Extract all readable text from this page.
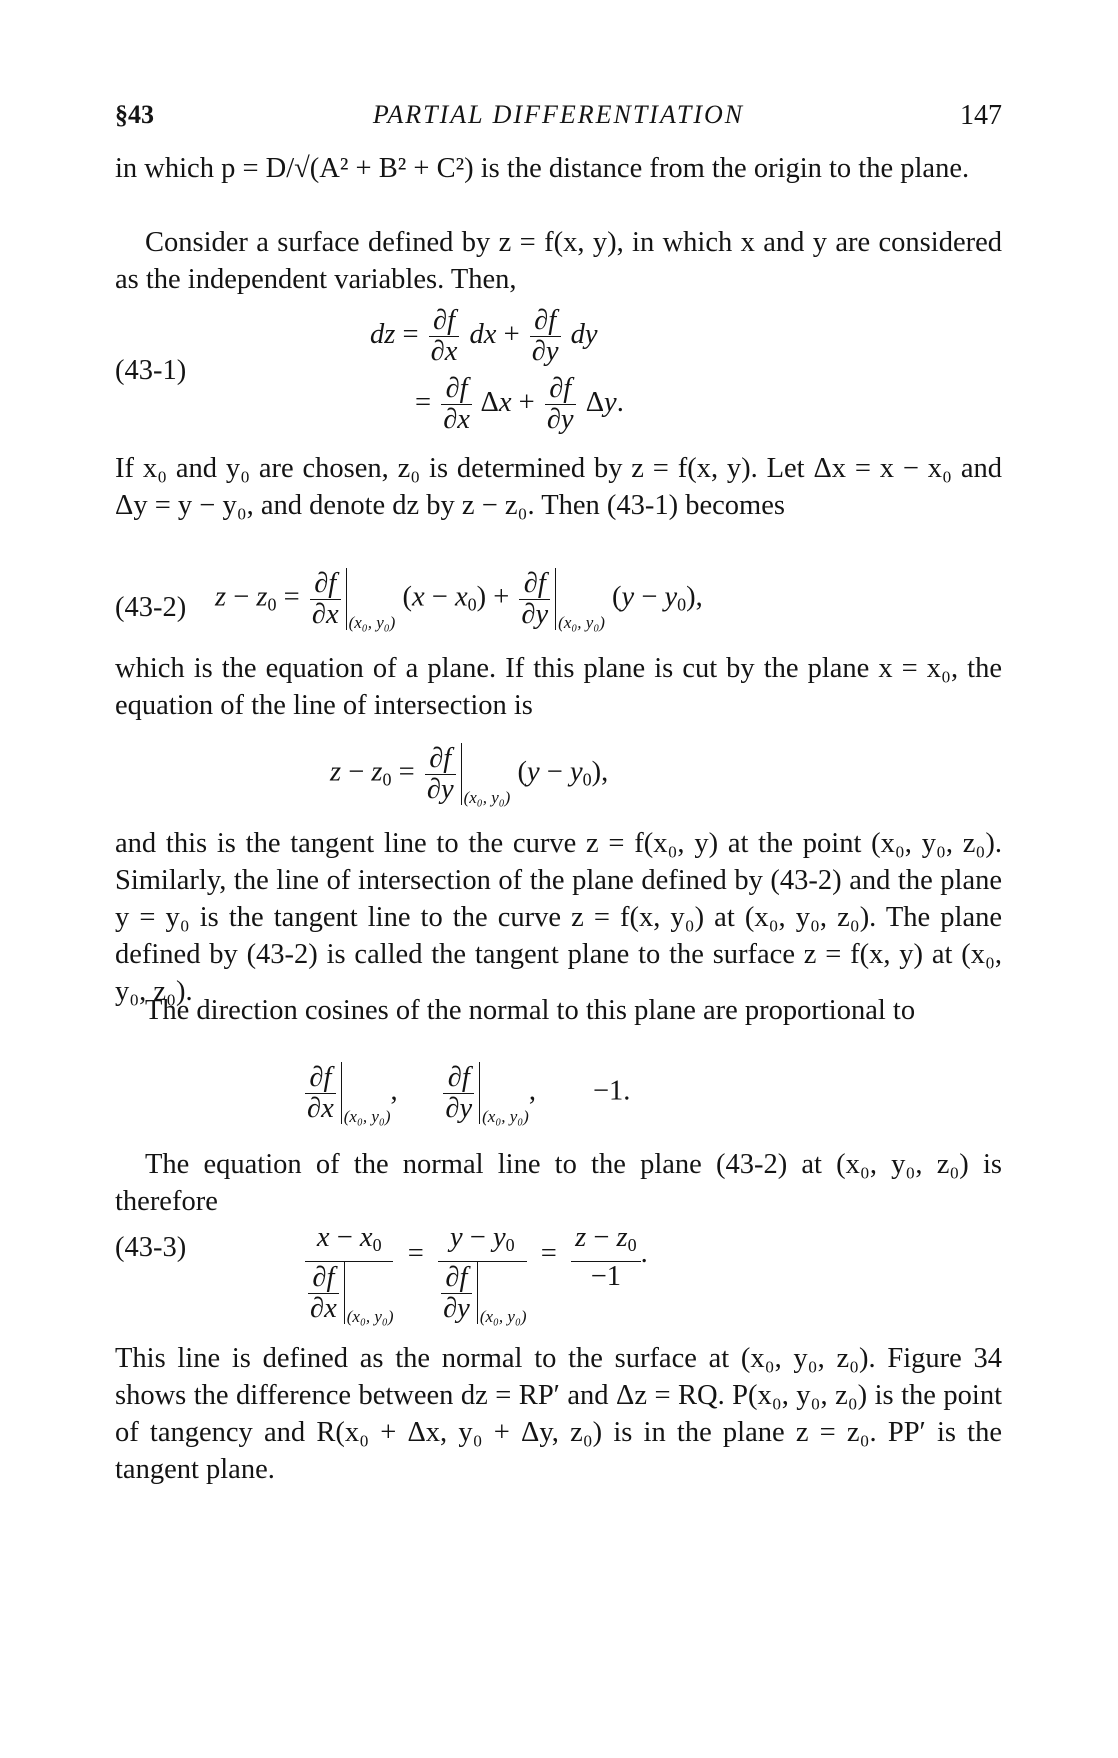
§43	PARTIAL DIFFERENTIATION	147
in which p = D/√(A² + B² + C²) is the distance from the origin to the plane.
Consider a surface defined by z = f(x, y), in which x and y are considered as the independent variables. Then,
(43-1)
dz = $\frac{\partial f}{\partial x}$ dx + $\frac{\partial f}{\partial y}$ dy
= $\frac{\partial f}{\partial x}$ $\Delta x + \frac{\partial f}{\partial y} \Delta y$.
If x₀ and y₀ are chosen, z₀ is determined by z = f(x, y). Let Δx = x − x₀ and Δy = y − y₀, and denote dz by z − z₀. Then (43-1) becomes
(43-2) $z - z0 = \frac{\partial f}{\partial x} _{(x_0, y_0)}$ $(x - x0) + \frac{\partial f}{\partial y} _{(x_0, y_0)}$ (y − y0),
which is the equation of a plane. If this plane is cut by the plane x = x₀, the equation of the line of intersection is
$z - z0 = \frac{\partial f}{\partial y} _{(x_0, y_0)}$ (y − y0),
and this is the tangent line to the curve z = f(x₀, y) at the point (x₀, y₀, z₀). Similarly, the line of intersection of the plane defined by (43-2) and the plane y = y₀ is the tangent line to the curve z = f(x, y₀) at (x₀, y₀, z₀). The plane defined by (43-2) is called the tangent plane to the surface z = f(x, y) at (x₀, y₀, z₀).
The direction cosines of the normal to this plane are proportional to
$\frac{\partial f}{\partial x} _{(x_0, y_0)}$, $\frac{\partial f}{\partial y} _{(x_0, y_0)}$,        −1.
The equation of the normal line to the plane (43-2) at (x₀, y₀, z₀) is therefore
(43-3)	$\frac{x - x0}{\frac{\partial f}{\partial x} _{(x_0, y_0)}} = \frac{y - y0}{\frac{\partial f}{\partial y} _{(x_0, y_0)}} = \frac{z - z0}{-1}$ .
This line is defined as the normal to the surface at (x₀, y₀, z₀). Figure 34 shows the difference between dz = RP′ and Δz = RQ. P(x₀, y₀, z₀) is the point of tangency and R(x₀ + Δx, y₀ + Δy, z₀) is in the plane z = z₀. PP′ is the tangent plane.
